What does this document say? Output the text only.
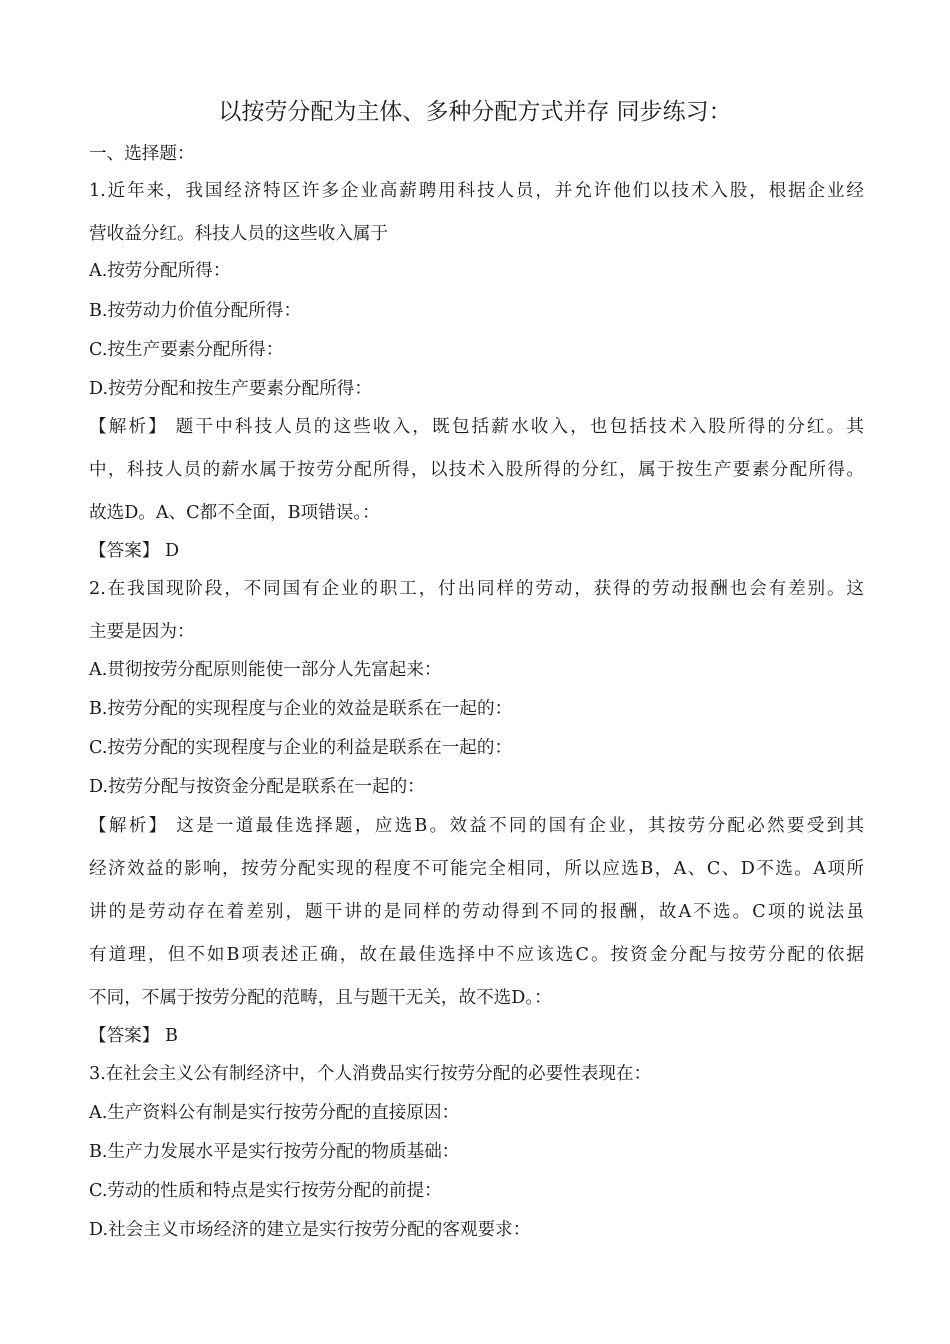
以按劳分配为主体、多种分配方式并存 同步练习：
一、选择题：
1.近年来，我国经济特区许多企业高薪聘用科技人员，并允许他们以技术入股，根据企业经
营收益分红。科技人员的这些收入属于
A.按劳分配所得：
B.按劳动力价值分配所得：
C.按生产要素分配所得：
D.按劳分配和按生产要素分配所得：
【解析】 题干中科技人员的这些收入，既包括薪水收入，也包括技术入股所得的分红。其
中，科技人员的薪水属于按劳分配所得，以技术入股所得的分红，属于按生产要素分配所得。
故选D。A、C都不全面，B项错误。：
【答案】 D
2.在我国现阶段，不同国有企业的职工，付出同样的劳动，获得的劳动报酬也会有差别。这
主要是因为：
A.贯彻按劳分配原则能使一部分人先富起来：
B.按劳分配的实现程度与企业的效益是联系在一起的：
C.按劳分配的实现程度与企业的利益是联系在一起的：
D.按劳分配与按资金分配是联系在一起的：
【解析】 这是一道最佳选择题，应选B。效益不同的国有企业，其按劳分配必然要受到其
经济效益的影响，按劳分配实现的程度不可能完全相同，所以应选B，A、C、D不选。A项所
讲的是劳动存在着差别，题干讲的是同样的劳动得到不同的报酬，故A不选。C项的说法虽
有道理，但不如B项表述正确，故在最佳选择中不应该选C。按资金分配与按劳分配的依据
不同，不属于按劳分配的范畴，且与题干无关，故不选D。：
【答案】 B
3.在社会主义公有制经济中，个人消费品实行按劳分配的必要性表现在：
A.生产资料公有制是实行按劳分配的直接原因：
B.生产力发展水平是实行按劳分配的物质基础：
C.劳动的性质和特点是实行按劳分配的前提：
D.社会主义市场经济的建立是实行按劳分配的客观要求：
